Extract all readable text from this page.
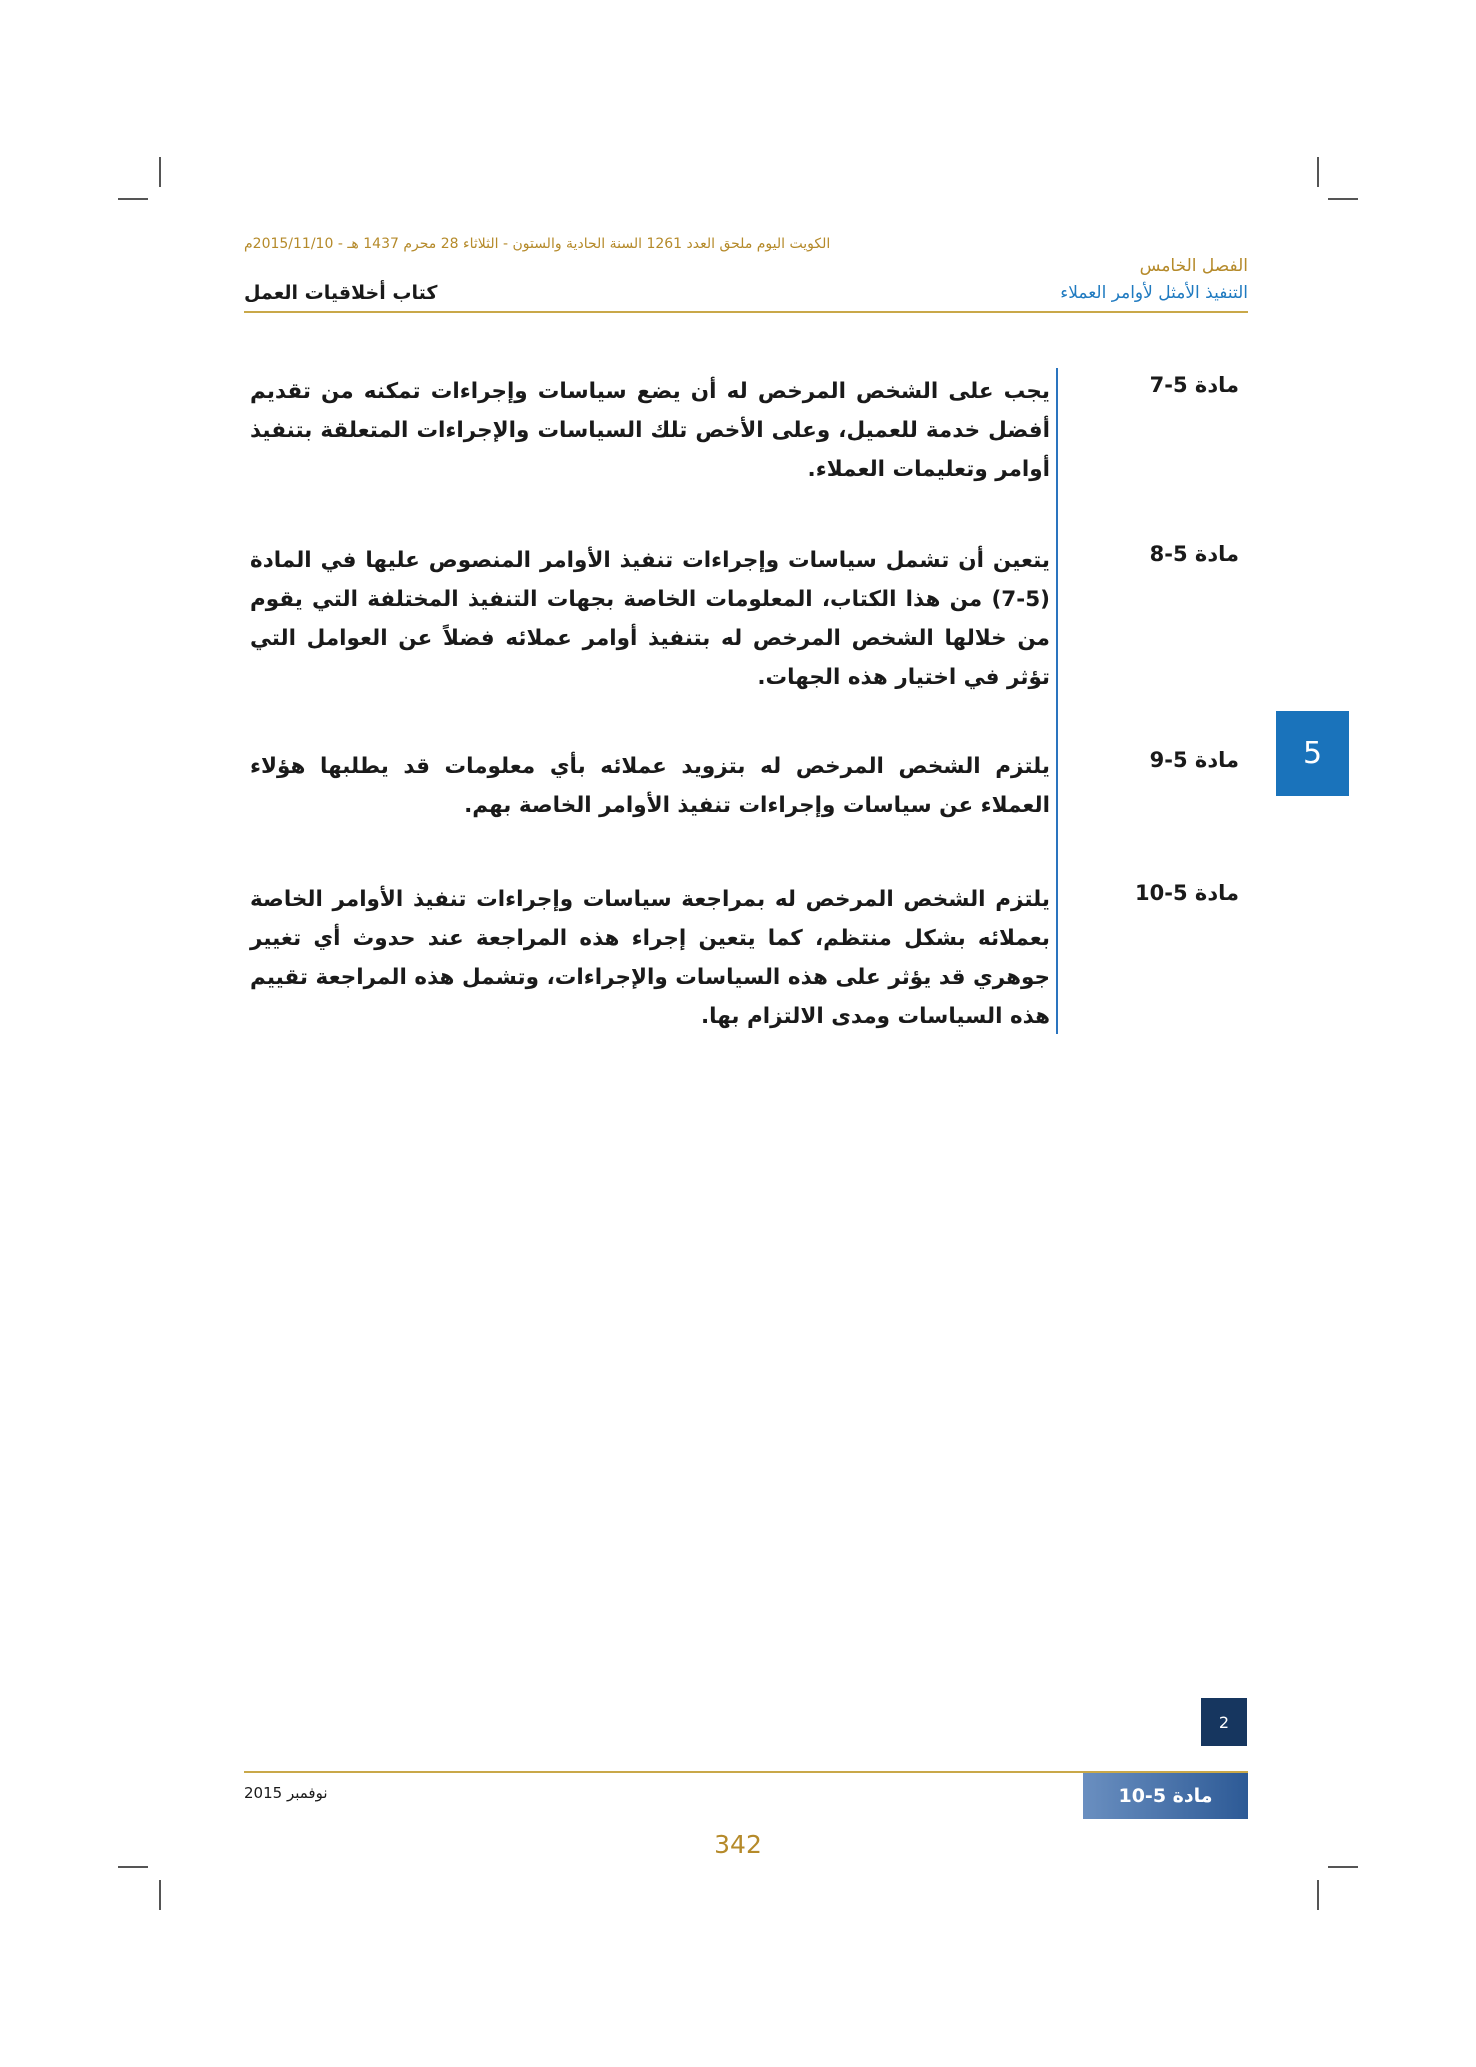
الكويت اليوم ملحق العدد 1261 السنة الحادية والستون - الثلاثاء 28 محرم 1437 هـ - 2015/11/10م
الفصل الخامس
التنفيذ الأمثل لأوامر العملاء
كتاب أخلاقيات العمل
مادة 5-7
يجب على الشخص المرخص له أن يضع سياسات وإجراءات تمكنه من تقديم أفضل خدمة للعميل، وعلى الأخص تلك السياسات والإجراءات المتعلقة بتنفيذ أوامر وتعليمات العملاء.
مادة 5-8
يتعين أن تشمل سياسات وإجراءات تنفيذ الأوامر المنصوص عليها في المادة (5-7) من هذا الكتاب، المعلومات الخاصة بجهات التنفيذ المختلفة التي يقوم من خلالها الشخص المرخص له بتنفيذ أوامر عملائه فضلاً عن العوامل التي تؤثر في اختيار هذه الجهات.
مادة 5-9
يلتزم الشخص المرخص له بتزويد عملائه بأي معلومات قد يطلبها هؤلاء العملاء عن سياسات وإجراءات تنفيذ الأوامر الخاصة بهم.
مادة 5-10
يلتزم الشخص المرخص له بمراجعة سياسات وإجراءات تنفيذ الأوامر الخاصة بعملائه بشكل منتظم، كما يتعين إجراء هذه المراجعة عند حدوث أي تغيير جوهري قد يؤثر على هذه السياسات والإجراءات، وتشمل هذه المراجعة تقييم هذه السياسات ومدى الالتزام بها.
5
2
نوفمبر 2015	مادة 5-10
342
